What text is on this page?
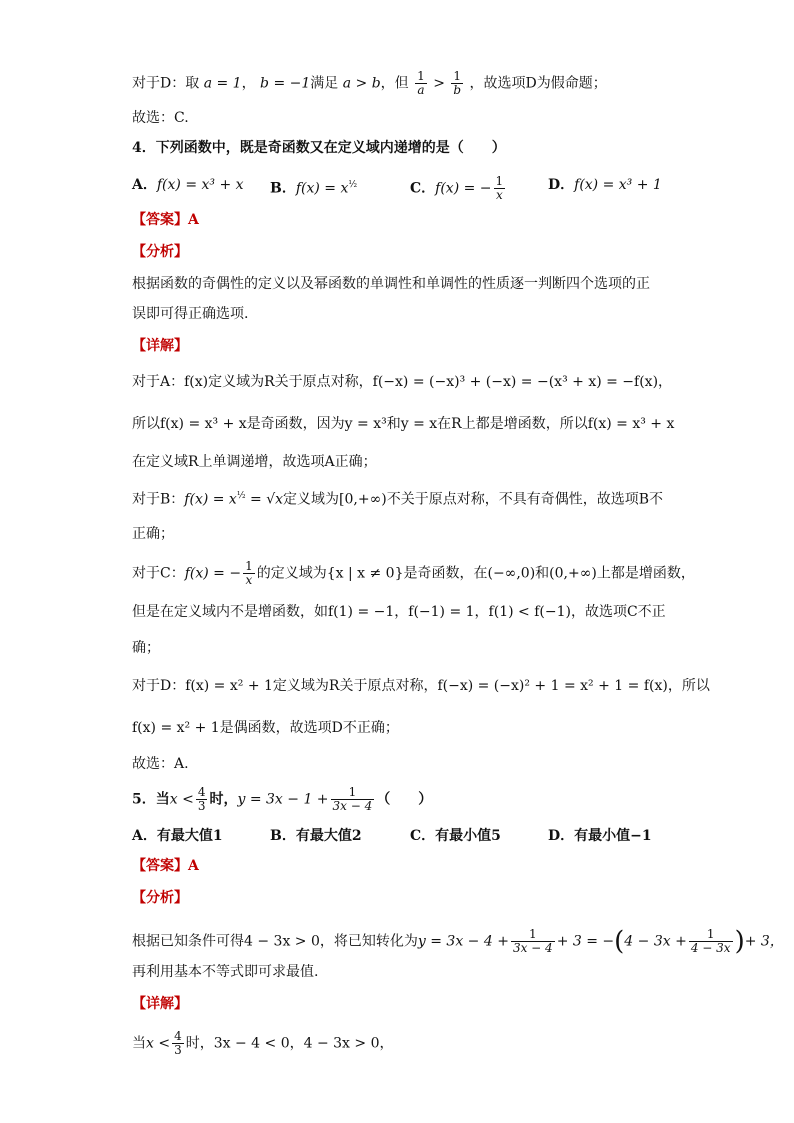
对于D：取 a = 1， b = −1满足 a > b，但 $\frac{1}{a} > \frac{1}{b}$ ，故选项D为假命题；
故选：C.
4．下列函数中，既是奇函数又在定义域内递增的是（　　）
A．f(x) = x³ + x B．$f(x) = x^{\frac{1}{2}}$	C．f(x) = − $\frac{1}{x}$	D．f(x) = x³ + 1
【答案】A
【分析】
根据函数的奇偶性的定义以及幂函数的单调性和单调性的性质逐一判断四个选项的正
误即可得正确选项.
【详解】
对于A：f(x)定义域为R关于原点对称，f(−x) = (−x)³ + (−x) = −(x³ + x) = −f(x)，
所以f(x) = x³ + x是奇函数，因为y = x³和y = x在R上都是增函数，所以f(x) = x³ + x
在定义域R上单调递增，故选项A正确；
对于B：$f(x) = x^{\frac{1}{2}} = √x$定义域为[0,+∞)不关于原点对称，不具有奇偶性，故选项B不
正确；
对于C：f(x) = − $\frac{1}{x}$ 的定义域为{x | x ≠ 0}是奇函数，在(−∞,0)和(0,+∞)上都是增函数，
但是在定义域内不是增函数，如f(1) = −1，f(−1) = 1，f(1) < f(−1)，故选项C不正
确；
对于D：f(x) = x² + 1定义域为R关于原点对称，f(−x) = (−x)² + 1 = x² + 1 = f(x)，所以
f(x) = x² + 1是偶函数，故选项D不正确；
故选：A.
5．当$x < \frac{4}{3}$ 时，$y = 3x - 1 + \frac{1}{3x - 4}$ （　　）
A．有最大值1	B．有最大值2	C．有最小值5	D．有最小值−1
【答案】A
【分析】
根据已知条件可得4 − 3x > 0，将已知转化为$y = 3x - 4 + \frac{1}{3x - 4} + 3 = -(4 - 3x + \frac{1}{4 - 3x}$ )+ 3，
再利用基本不等式即可求最值.
【详解】
当$x < \frac{4}{3}$ 时，3x − 4 < 0，4 − 3x > 0，
